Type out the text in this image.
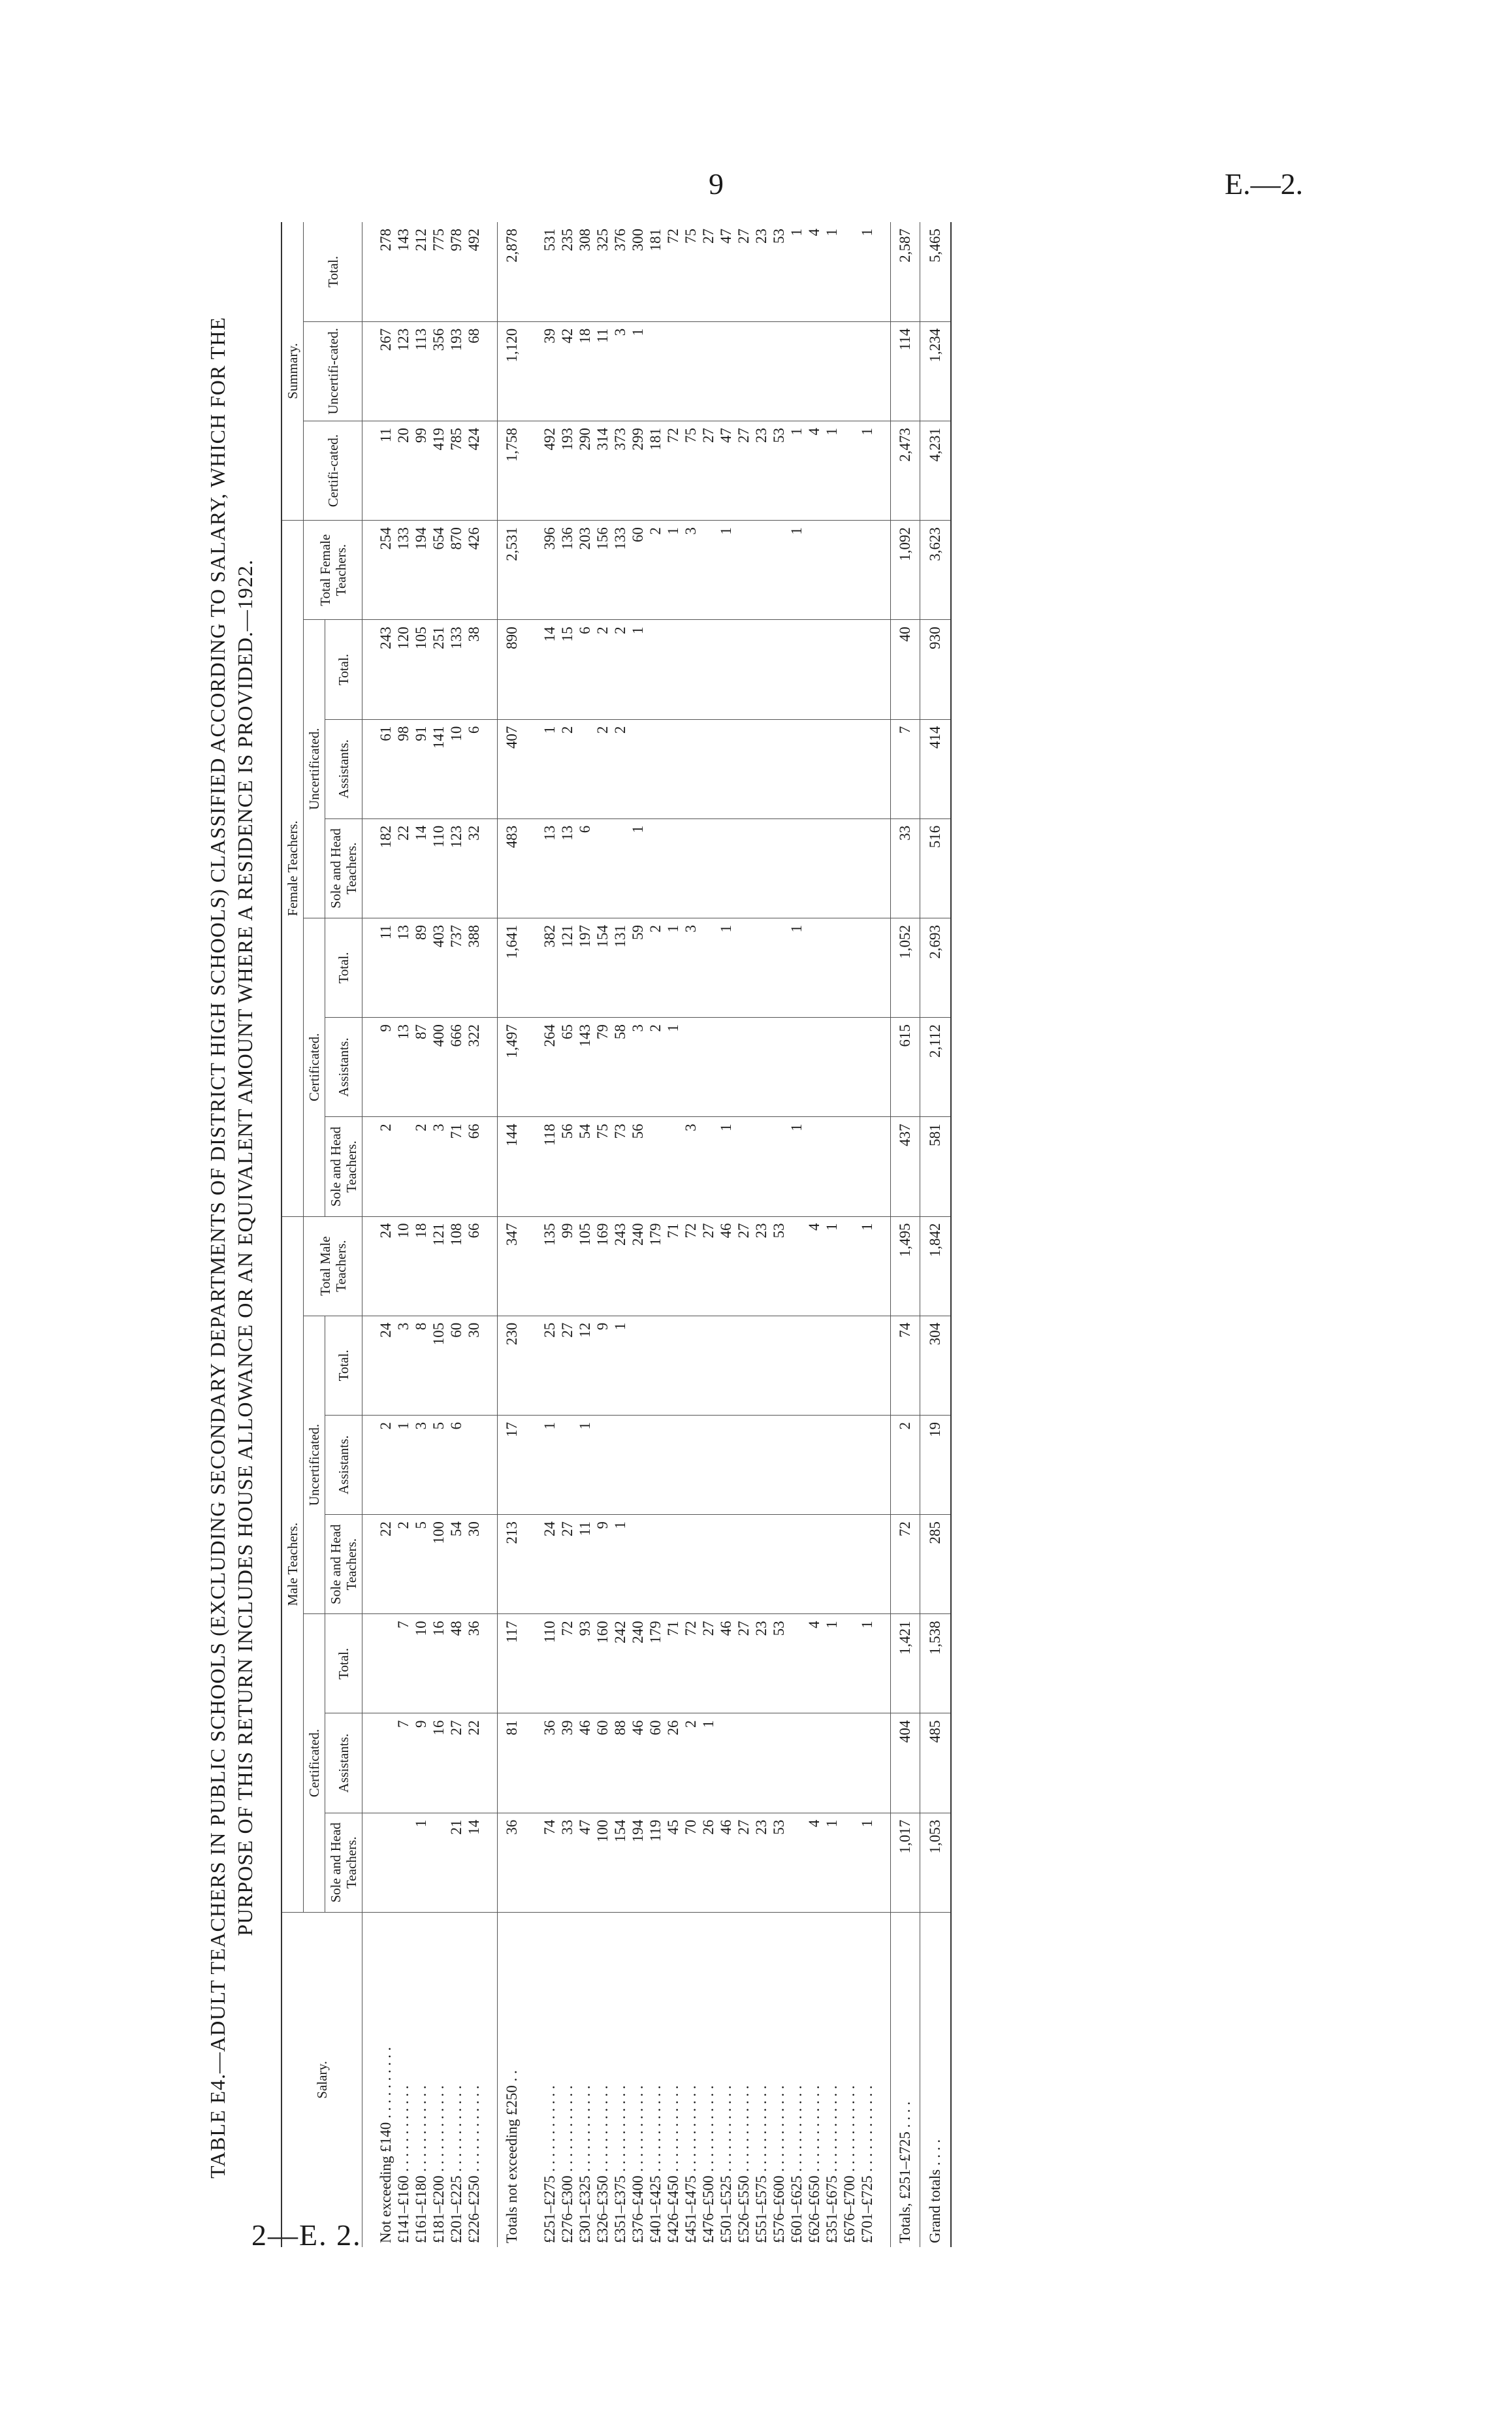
9	E.—2.
2—E. 2.
TABLE E4.—ADULT TEACHERS IN PUBLIC SCHOOLS (EXCLUDING SECONDARY DEPARTMENTS OF DISTRICT HIGH SCHOOLS) CLASSIFIED ACCORDING TO SALARY, WHICH FOR THE PURPOSE OF THIS RETURN INCLUDES HOUSE ALLOWANCE OR AN EQUIVALENT AMOUNT WHERE A RESIDENCE IS PROVIDED.—1922.
Salary.	Male Teachers.							Female Teachers.							Summary.		
	Certificated.			Uncertificated.			Total Male Teachers.	Certificated.			Uncertificated.			Total Female Teachers.	Certifi-cated.	Uncertifi-cated.	Total.
	Sole and Head Teachers.	Assistants.	Total.	Sole and Head Teachers.	Assistants.	Total.		Sole and Head Teachers.	Assistants.	Total.	Sole and Head Teachers.	Assistants.	Total.				

Not exceeding £140 . . . . . . . . . .				22	2	24	24	2	9	11	182	61	243	254	11	267	278
£141–£160 . . . . . . . . . . . .		7	7	2	1	3	10		13	13	22	98	120	133	20	123	143
£161–£180 . . . . . . . . . . . .	1	9	10	5	3	8	18	2	87	89	14	91	105	194	99	113	212
£181–£200 . . . . . . . . . . . .		16	16	100	5	105	121	3	400	403	110	141	251	654	419	356	775
£201–£225 . . . . . . . . . . . .	21	27	48	54	6	60	108	71	666	737	123	10	133	870	785	193	978
£226–£250 . . . . . . . . . . . .	14	22	36	30		30	66	66	322	388	32	6	38	426	424	68	492

Totals not exceeding £250 . .	36	81	117	213	17	230	347	144	1,497	1,641	483	407	890	2,531	1,758	1,120	2,878

£251–£275 . . . . . . . . . . . .	74	36	110	24	1	25	135	118	264	382	13	1	14	396	492	39	531
£276–£300 . . . . . . . . . . . .	33	39	72	27		27	99	56	65	121	13	2	15	136	193	42	235
£301–£325 . . . . . . . . . . . .	47	46	93	11	1	12	105	54	143	197	6		6	203	290	18	308
£326–£350 . . . . . . . . . . . .	100	60	160	9		9	169	75	79	154		2	2	156	314	11	325
£351–£375 . . . . . . . . . . . .	154	88	242	1		1	243	73	58	131		2	2	133	373	3	376
£376–£400 . . . . . . . . . . . .	194	46	240				240	56	3	59	1		1	60	299	1	300
£401–£425 . . . . . . . . . . . .	119	60	179				179		2	2				2	181		181
£426–£450 . . . . . . . . . . . .	45	26	71				71		1	1				1	72		72
£451–£475 . . . . . . . . . . . .	70	2	72				72	3		3				3	75		75
£476–£500 . . . . . . . . . . . .	26	1	27				27								27		27
£501–£525 . . . . . . . . . . . .	46		46				46	1		1				1	47		47
£526–£550 . . . . . . . . . . . .	27		27				27								27		27
£551–£575 . . . . . . . . . . . .	23		23				23								23		23
£576–£600 . . . . . . . . . . . .	53		53				53								53		53
£601–£625 . . . . . . . . . . . .								1		1				1	1		1
£626–£650 . . . . . . . . . . . .	4		4				4								4		4
£351–£675 . . . . . . . . . . . .	1		1				1								1		1
£676–£700 . . . . . . . . . . . .																	
£701–£725 . . . . . . . . . . . .	1		1				1								1		1

Totals, £251–£725 . . . .	1,017	404	1,421	72	2	74	1,495	437	615	1,052	33	7	40	1,092	2,473	114	2,587
Grand totals . . . .	1,053	485	1,538	285	19	304	1,842	581	2,112	2,693	516	414	930	3,623	4,231	1,234	5,465
